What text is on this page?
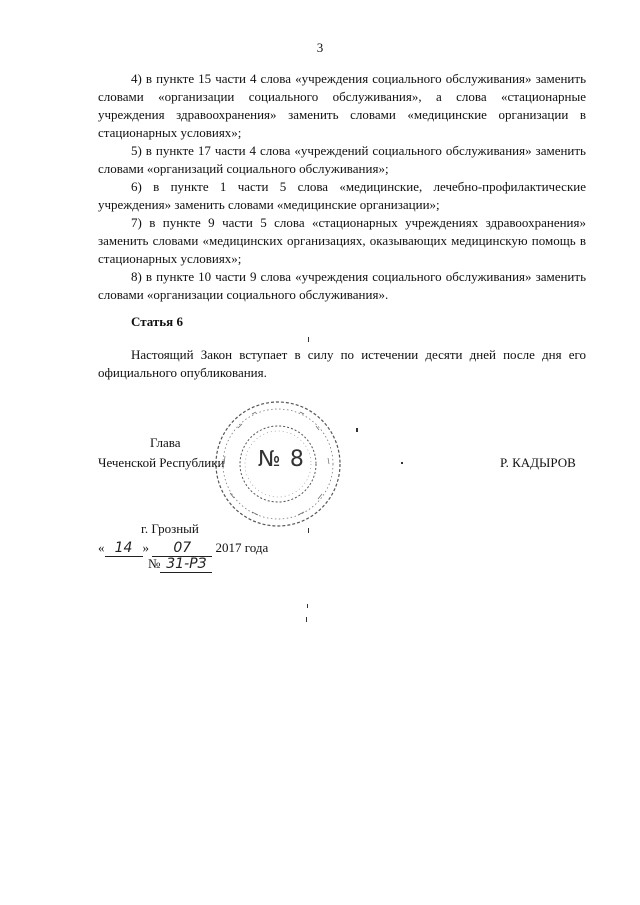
3

4) в пункте 15 части 4 слова «учреждения социального обслуживания» заменить словами «организации социального обслуживания», а слова «стационарные учреждения здравоохранения» заменить словами «медицинские организации в стационарных условиях»;

5) в пункте 17 части 4 слова «учреждений социального обслуживания» заменить словами «организаций социального обслуживания»;

6) в пункте 1 части 5 слова «медицинские, лечебно-профилактические учреждения» заменить словами «медицинские организации»;

7) в пункте 9 части 5 слова «стационарных учреждениях здравоохранения» заменить словами «медицинских организациях, оказывающих медицинскую помощь в стационарных условиях»;

8) в пункте 10 части 9 слова «учреждения социального обслуживания» заменить словами «организации социального обслуживания».

Статья 6

Настоящий Закон вступает в силу по истечении десяти дней после дня его официального опубликования.

№ 8
Глава
Чеченской Республики	Р. КАДЫРОВ
г. Грозный
« 14 » 07 2017 года
№ 31-РЗ
